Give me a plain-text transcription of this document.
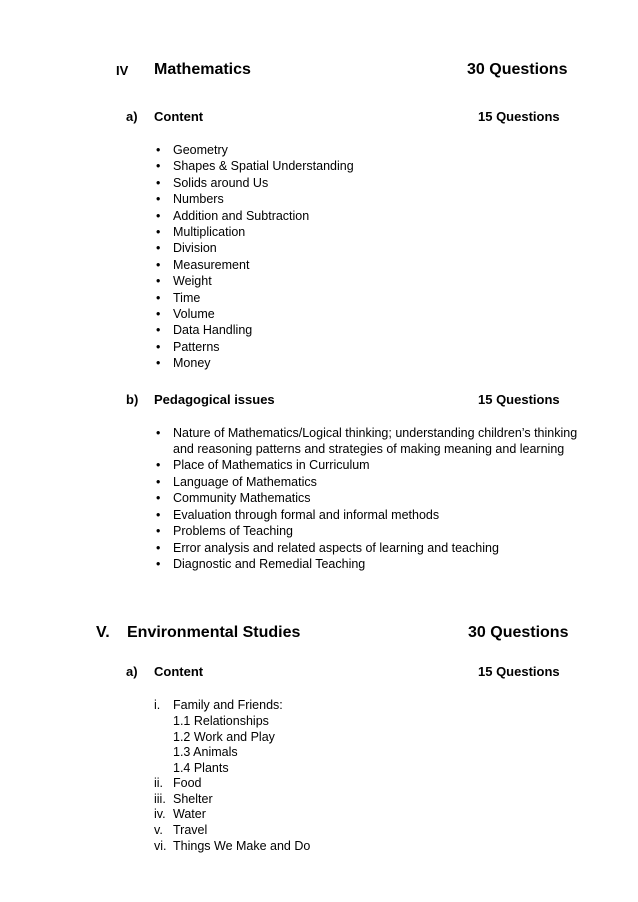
IV Mathematics	30 Questions
a) Content	15 Questions
• Geometry
• Shapes & Spatial Understanding
• Solids around Us
• Numbers
• Addition and Subtraction
• Multiplication
• Division
• Measurement
• Weight
• Time
• Volume
• Data Handling
• Patterns
• Money
b) Pedagogical issues	15 Questions
• Nature of Mathematics/Logical thinking; understanding children’s thinking
and reasoning patterns and strategies of making meaning and learning
• Place of Mathematics in Curriculum
• Language of Mathematics
• Community Mathematics
• Evaluation through formal and informal methods
• Problems of Teaching
• Error analysis and related aspects of learning and teaching
• Diagnostic and Remedial Teaching
V. Environmental Studies	30 Questions
a) Content	15 Questions
i. Family and Friends:
1.1 Relationships
1.2 Work and Play
1.3 Animals
1.4 Plants
ii. Food
iii. Shelter
iv. Water
v. Travel
vi. Things We Make and Do
